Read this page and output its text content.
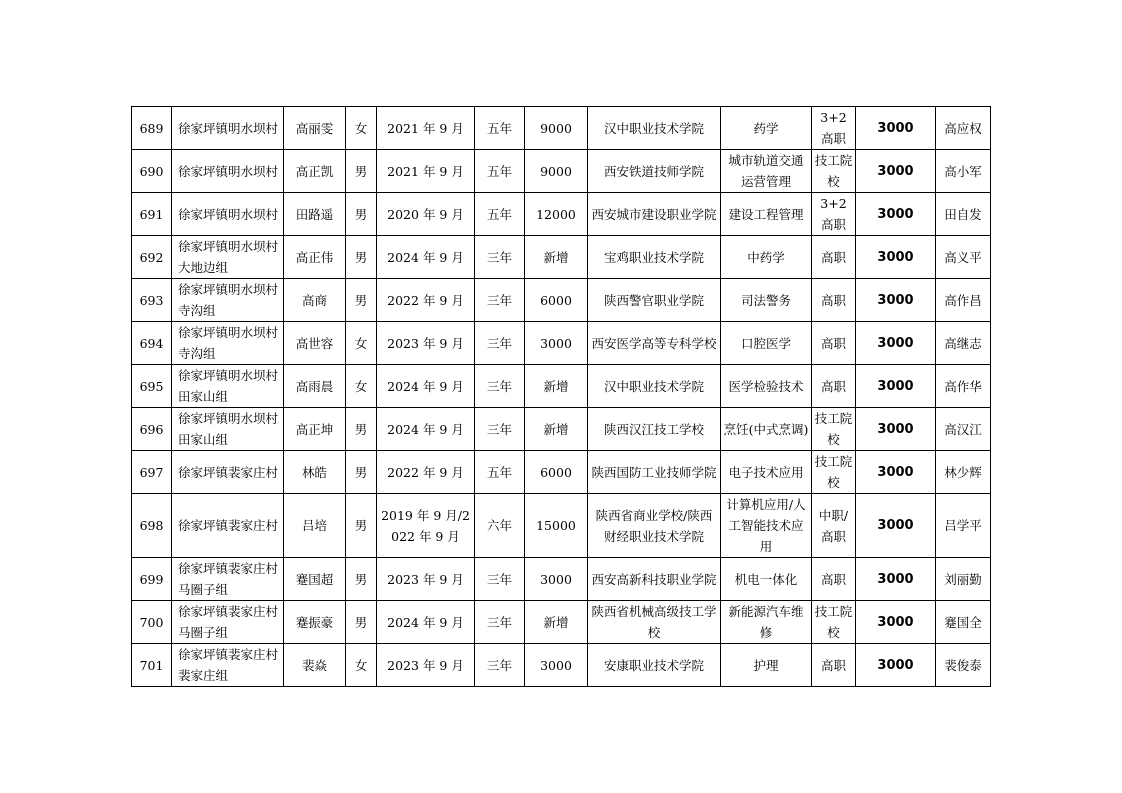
689	徐家坪镇明水坝村	高丽雯	女	2021 年 9 月	五年	9000	汉中职业技术学院	药学	3+2 高职	3000	高应权
690	徐家坪镇明水坝村	高正凯	男	2021 年 9 月	五年	9000	西安铁道技师学院	城市轨道交通运营管理	技工院校	3000	高小军
691	徐家坪镇明水坝村	田路遥	男	2020 年 9 月	五年	12000	西安城市建设职业学院	建设工程管理	3+2 高职	3000	田自发
692	徐家坪镇明水坝村大地边组	高正伟	男	2024 年 9 月	三年	新增	宝鸡职业技术学院	中药学	高职	3000	高义平
693	徐家坪镇明水坝村寺沟组	高商	男	2022 年 9 月	三年	6000	陕西警官职业学院	司法警务	高职	3000	高作昌
694	徐家坪镇明水坝村寺沟组	高世容	女	2023 年 9 月	三年	3000	西安医学高等专科学校	口腔医学	高职	3000	高继志
695	徐家坪镇明水坝村田家山组	高雨晨	女	2024 年 9 月	三年	新增	汉中职业技术学院	医学检验技术	高职	3000	高作华
696	徐家坪镇明水坝村田家山组	高正坤	男	2024 年 9 月	三年	新增	陕西汉江技工学校	烹饪(中式烹调)	技工院校	3000	高汉江
697	徐家坪镇裴家庄村	林皓	男	2022 年 9 月	五年	6000	陕西国防工业技师学院	电子技术应用	技工院校	3000	林少辉
698	徐家坪镇裴家庄村	吕培	男	2019 年 9 月/2022 年 9 月	六年	15000	陕西省商业学校/陕西财经职业技术学院	计算机应用/人工智能技术应用	中职/高职	3000	吕学平
699	徐家坪镇裴家庄村马圈子组	蹇国超	男	2023 年 9 月	三年	3000	西安高新科技职业学院	机电一体化	高职	3000	刘丽勤
700	徐家坪镇裴家庄村马圈子组	蹇振豪	男	2024 年 9 月	三年	新增	陕西省机械高级技工学校	新能源汽车维修	技工院校	3000	蹇国全
701	徐家坪镇裴家庄村裴家庄组	裴焱	女	2023 年 9 月	三年	3000	安康职业技术学院	护理	高职	3000	裴俊泰
